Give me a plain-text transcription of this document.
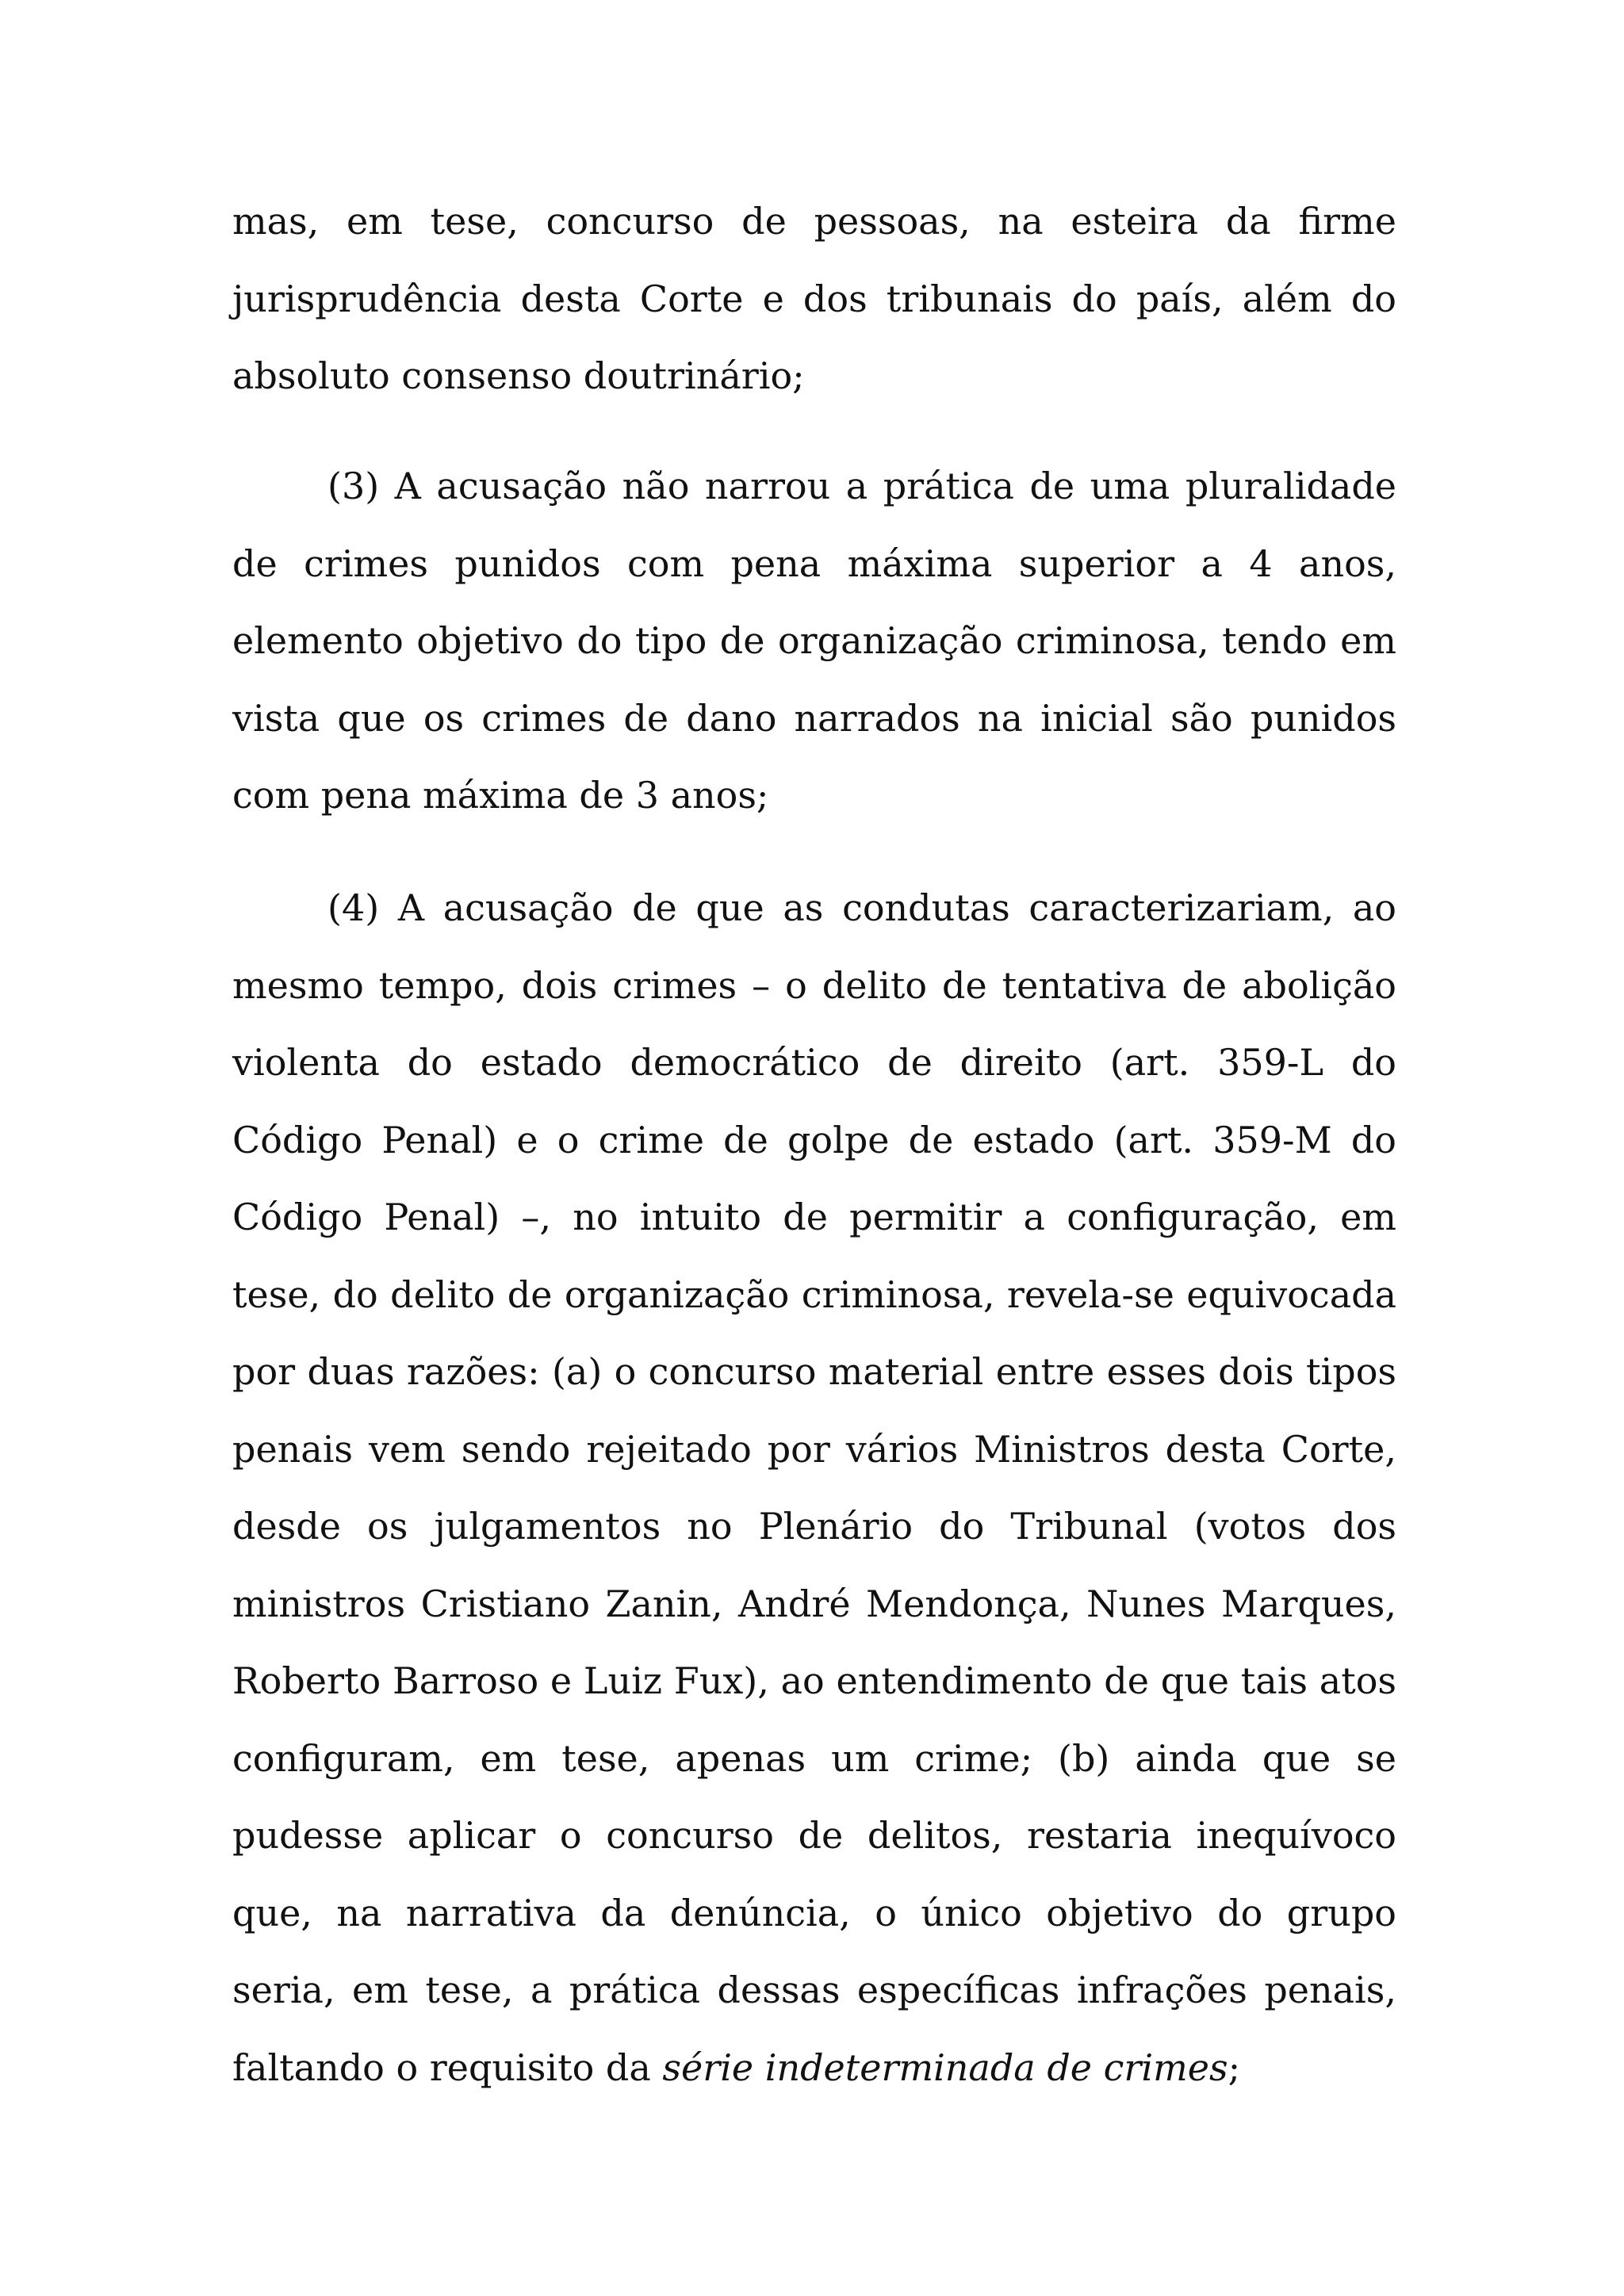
mas, em tese, concurso de pessoas, na esteira da firme jurisprudência desta Corte e dos tribunais do país, além do absoluto consenso doutrinário;

(3) A acusação não narrou a prática de uma pluralidade de crimes punidos com pena máxima superior a 4 anos, elemento objetivo do tipo de organização criminosa, tendo em vista que os crimes de dano narrados na inicial são punidos com pena máxima de 3 anos;

(4) A acusação de que as condutas caracterizariam, ao mesmo tempo, dois crimes – o delito de tentativa de abolição violenta do estado democrático de direito (art. 359-L do Código Penal) e o crime de golpe de estado (art. 359-M do Código Penal) –, no intuito de permitir a configuração, em tese, do delito de organização criminosa, revela-se equivocada por duas razões: (a) o concurso material entre esses dois tipos penais vem sendo rejeitado por vários Ministros desta Corte, desde os julgamentos no Plenário do Tribunal (votos dos ministros Cristiano Zanin, André Mendonça, Nunes Marques, Roberto Barroso e Luiz Fux), ao entendimento de que tais atos configuram, em tese, apenas um crime; (b) ainda que se pudesse aplicar o concurso de delitos, restaria inequívoco que, na narrativa da denúncia, o único objetivo do grupo seria, em tese, a prática dessas específicas infrações penais, faltando o requisito da série indeterminada de crimes;
